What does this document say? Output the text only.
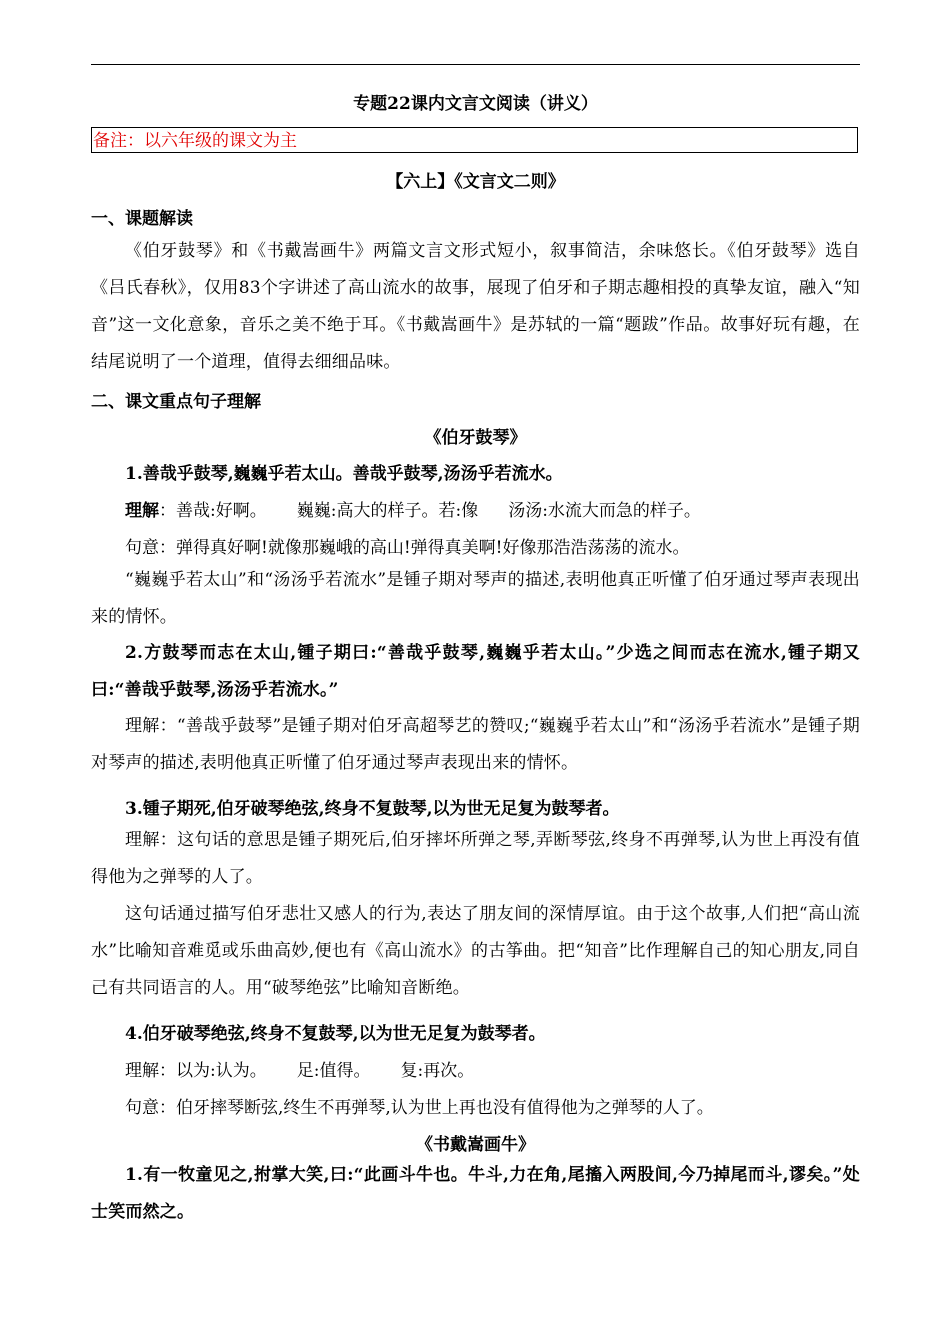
专题22课内文言文阅读（讲义）
备注：以六年级的课文为主
【六上】《文言文二则》
一、课题解读
《伯牙鼓琴》和《书戴嵩画牛》两篇文言文形式短小，叙事简洁，余味悠长。《伯牙鼓琴》选自《吕氏春秋》，仅用83个字讲述了高山流水的故事，展现了伯牙和子期志趣相投的真挚友谊，融入“知音”这一文化意象，音乐之美不绝于耳。《书戴嵩画牛》是苏轼的一篇“题跋”作品。故事好玩有趣，在结尾说明了一个道理，值得去细细品味。
二、课文重点句子理解
《伯牙鼓琴》
1.善哉乎鼓琴,巍巍乎若太山。善哉乎鼓琴,汤汤乎若流水。
理解：善哉:好啊。 巍巍:高大的样子。若:像 汤汤:水流大而急的样子。
句意：弹得真好啊!就像那巍峨的高山!弹得真美啊!好像那浩浩荡荡的流水。
“巍巍乎若太山”和“汤汤乎若流水”是锺子期对琴声的描述,表明他真正听懂了伯牙通过琴声表现出来的情怀。
2.方鼓琴而志在太山,锺子期曰:“善哉乎鼓琴,巍巍乎若太山。”少选之间而志在流水,锺子期又曰:“善哉乎鼓琴,汤汤乎若流水。”
理解：“善哉乎鼓琴”是锺子期对伯牙高超琴艺的赞叹;“巍巍乎若太山”和“汤汤乎若流水”是锺子期对琴声的描述,表明他真正听懂了伯牙通过琴声表现出来的情怀。
3.锺子期死,伯牙破琴绝弦,终身不复鼓琴,以为世无足复为鼓琴者。
理解：这句话的意思是锺子期死后,伯牙摔坏所弹之琴,弄断琴弦,终身不再弹琴,认为世上再没有值得他为之弹琴的人了。
这句话通过描写伯牙悲壮又感人的行为,表达了朋友间的深情厚谊。由于这个故事,人们把“高山流水”比喻知音难觅或乐曲高妙,便也有《高山流水》的古筝曲。把“知音”比作理解自己的知心朋友,同自己有共同语言的人。用“破琴绝弦”比喻知音断绝。
4.伯牙破琴绝弦,终身不复鼓琴,以为世无足复为鼓琴者。
理解：以为:认为。 足:值得。 复:再次。
句意：伯牙摔琴断弦,终生不再弹琴,认为世上再也没有值得他为之弹琴的人了。
《书戴嵩画牛》
1.有一牧童见之,拊掌大笑,曰:“此画斗牛也。牛斗,力在角,尾搐入两股间,今乃掉尾而斗,谬矣。”处士笑而然之。
